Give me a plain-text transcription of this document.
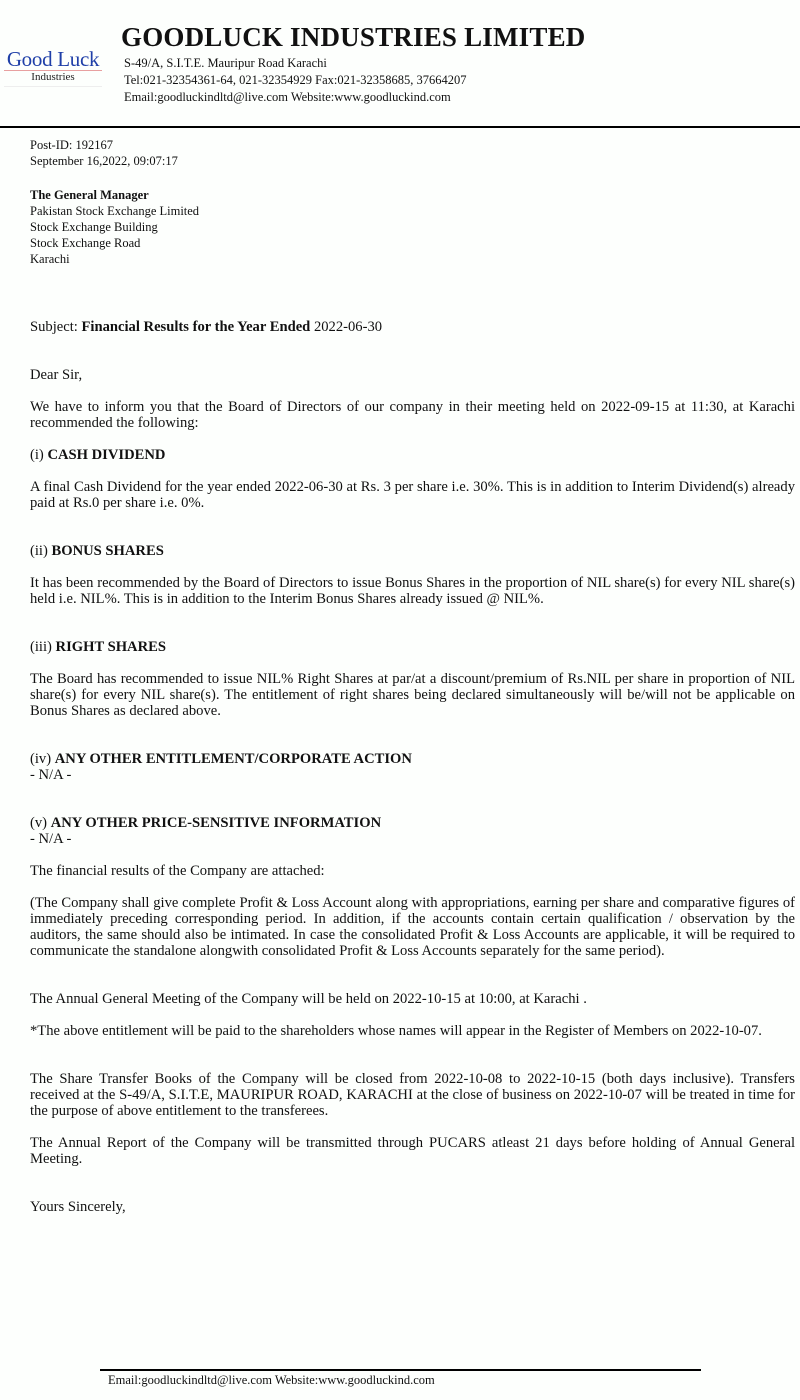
Good Luck
Industries
GOODLUCK INDUSTRIES LIMITED
S-49/A, S.I.T.E. Mauripur Road Karachi
Tel:021-32354361-64, 021-32354929 Fax:021-32358685, 37664207
Email:goodluckindltd@live.com Website:www.goodluckind.com
Post-ID: 192167
September 16,2022, 09:07:17
The General Manager
Pakistan Stock Exchange Limited
Stock Exchange Building
Stock Exchange Road
Karachi
Subject: Financial Results for the Year Ended 2022-06-30
Dear Sir,
We have to inform you that the Board of Directors of our company in their meeting held on 2022-09-15 at 11:30, at Karachi recommended the following:
(i) CASH DIVIDEND
A final Cash Dividend for the year ended 2022-06-30 at Rs. 3 per share i.e. 30%. This is in addition to Interim Dividend(s) already paid at Rs.0 per share i.e. 0%.
(ii) BONUS SHARES
It has been recommended by the Board of Directors to issue Bonus Shares in the proportion of NIL share(s) for every NIL share(s) held i.e. NIL%. This is in addition to the Interim Bonus Shares already issued @ NIL%.
(iii) RIGHT SHARES
The Board has recommended to issue NIL% Right Shares at par/at a discount/premium of Rs.NIL per share in proportion of NIL share(s) for every NIL share(s). The entitlement of right shares being declared simultaneously will be/will not be applicable on Bonus Shares as declared above.
(iv) ANY OTHER ENTITLEMENT/CORPORATE ACTION
- N/A -
(v) ANY OTHER PRICE-SENSITIVE INFORMATION
- N/A -
The financial results of the Company are attached:
(The Company shall give complete Profit & Loss Account along with appropriations, earning per share and comparative figures of immediately preceding corresponding period. In addition, if the accounts contain certain qualification / observation by the auditors, the same should also be intimated. In case the consolidated Profit & Loss Accounts are applicable, it will be required to communicate the standalone alongwith consolidated Profit & Loss Accounts separately for the same period).
The Annual General Meeting of the Company will be held on 2022-10-15 at 10:00, at Karachi .
*The above entitlement will be paid to the shareholders whose names will appear in the Register of Members on 2022-10-07.
The Share Transfer Books of the Company will be closed from 2022-10-08 to 2022-10-15 (both days inclusive). Transfers received at the S-49/A, S.I.T.E, MAURIPUR ROAD, KARACHI at the close of business on 2022-10-07 will be treated in time for the purpose of above entitlement to the transferees.
The Annual Report of the Company will be transmitted through PUCARS atleast 21 days before holding of Annual General Meeting.
Yours Sincerely,
Email:goodluckindltd@live.com Website:www.goodluckind.com
